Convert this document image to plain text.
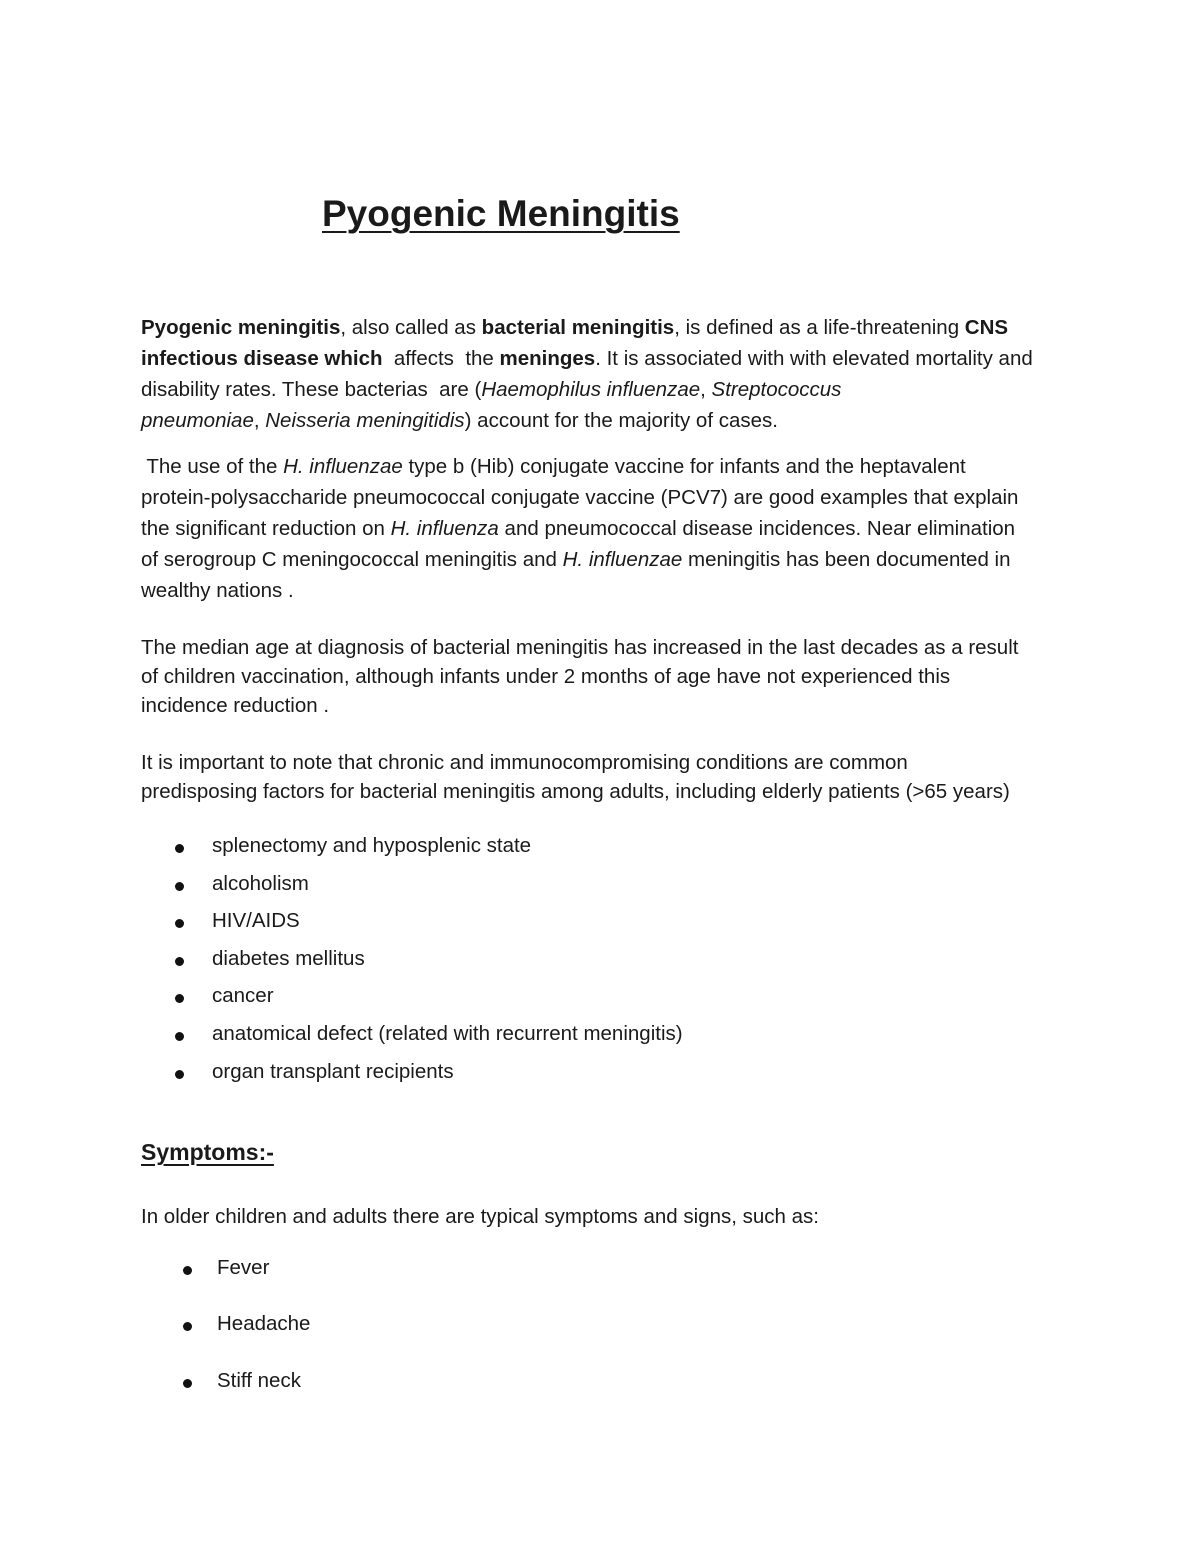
Pyogenic Meningitis

Pyogenic meningitis, also called as bacterial meningitis, is defined as a life-threatening CNS
infectious disease which  affects  the meninges. It is associated with with elevated mortality and
disability rates. These bacterias  are (Haemophilus influenzae, Streptococcus
pneumoniae, Neisseria meningitidis) account for the majority of cases.

The use of the H. influenzae type b (Hib) conjugate vaccine for infants and the heptavalent
protein-polysaccharide pneumococcal conjugate vaccine (PCV7) are good examples that explain
the significant reduction on H. influenza and pneumococcal disease incidences. Near elimination
of serogroup C meningococcal meningitis and H. influenzae meningitis has been documented in
wealthy nations .

The median age at diagnosis of bacterial meningitis has increased in the last decades as a result
of children vaccination, although infants under 2 months of age have not experienced this
incidence reduction .

It is important to note that chronic and immunocompromising conditions are common
predisposing factors for bacterial meningitis among adults, including elderly patients (>65 years)

splenectomy and hyposplenic state
alcoholism
HIV/AIDS
diabetes mellitus
cancer
anatomical defect (related with recurrent meningitis)
organ transplant recipients
Symptoms:-

In older children and adults there are typical symptoms and signs, such as:

Fever
Headache
Stiff neck
